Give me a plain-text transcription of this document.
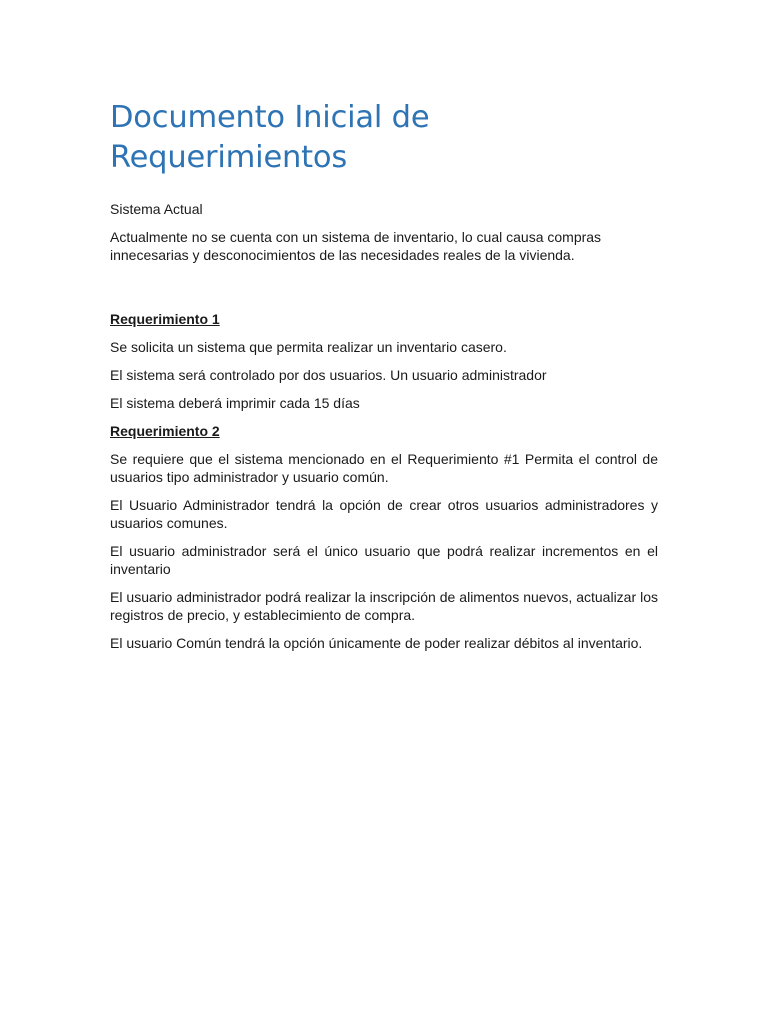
Documento Inicial de Requerimientos

Sistema Actual

Actualmente no se cuenta con un sistema de inventario, lo cual causa compras innecesarias y desconocimientos de las necesidades reales de la vivienda.

Requerimiento 1

Se solicita un sistema que permita realizar un inventario casero.

El sistema será controlado por dos usuarios. Un usuario administrador

El sistema deberá imprimir cada 15 días

Requerimiento 2

Se requiere que el sistema mencionado en el Requerimiento #1 Permita el control de usuarios tipo administrador y usuario común.

El Usuario Administrador tendrá la opción de crear otros usuarios administradores y usuarios comunes.

El usuario administrador será el único usuario que podrá realizar incrementos en el inventario

El usuario administrador podrá realizar la inscripción de alimentos nuevos, actualizar los registros de precio, y establecimiento de compra.

El usuario Común tendrá la opción únicamente de poder realizar débitos al inventario.
